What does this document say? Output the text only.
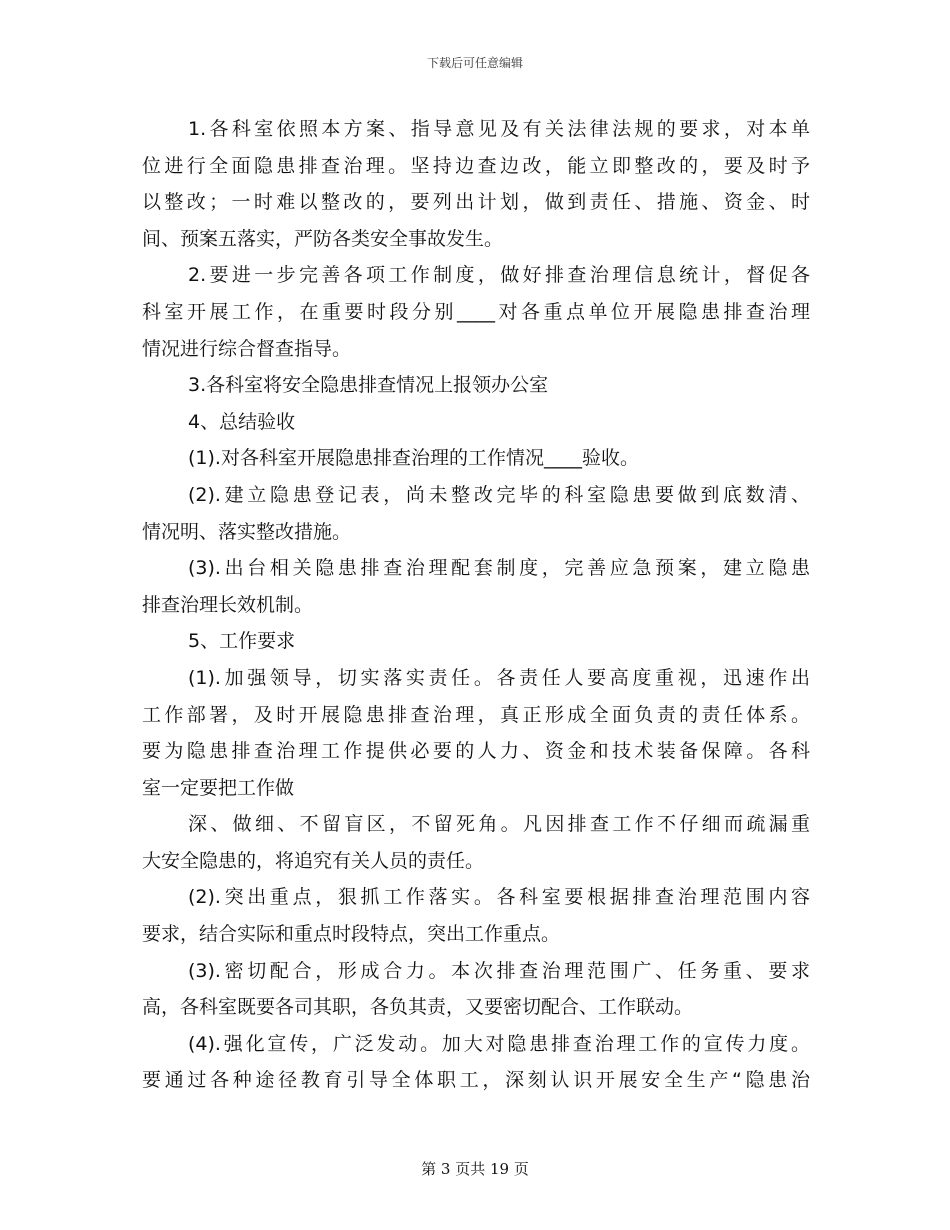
下载后可任意编辑
1.各科室依照本方案、指导意见及有关法律法规的要求，对本单
位进行全面隐患排查治理。坚持边查边改，能立即整改的，要及时予
以整改；一时难以整改的，要列出计划，做到责任、措施、资金、时
间、预案五落实，严防各类安全事故发生。
2.要进一步完善各项工作制度，做好排查治理信息统计，督促各
科室开展工作，在重要时段分别____对各重点单位开展隐患排查治理
情况进行综合督查指导。
3.各科室将安全隐患排查情况上报领办公室
4、总结验收
(1).对各科室开展隐患排查治理的工作情况____验收。
(2).建立隐患登记表，尚未整改完毕的科室隐患要做到底数清、
情况明、落实整改措施。
(3).出台相关隐患排查治理配套制度，完善应急预案，建立隐患
排查治理长效机制。
5、工作要求
(1).加强领导，切实落实责任。各责任人要高度重视，迅速作出
工作部署，及时开展隐患排查治理，真正形成全面负责的责任体系。
要为隐患排查治理工作提供必要的人力、资金和技术装备保障。各科
室一定要把工作做
深、做细、不留盲区，不留死角。凡因排查工作不仔细而疏漏重
大安全隐患的，将追究有关人员的责任。
(2).突出重点，狠抓工作落实。各科室要根据排查治理范围内容
要求，结合实际和重点时段特点，突出工作重点。
(3).密切配合，形成合力。本次排查治理范围广、任务重、要求
高，各科室既要各司其职，各负其责，又要密切配合、工作联动。
(4).强化宣传，广泛发动。加大对隐患排查治理工作的宣传力度。
要通过各种途径教育引导全体职工，深刻认识开展安全生产“隐患治
第 3 页共 19 页
